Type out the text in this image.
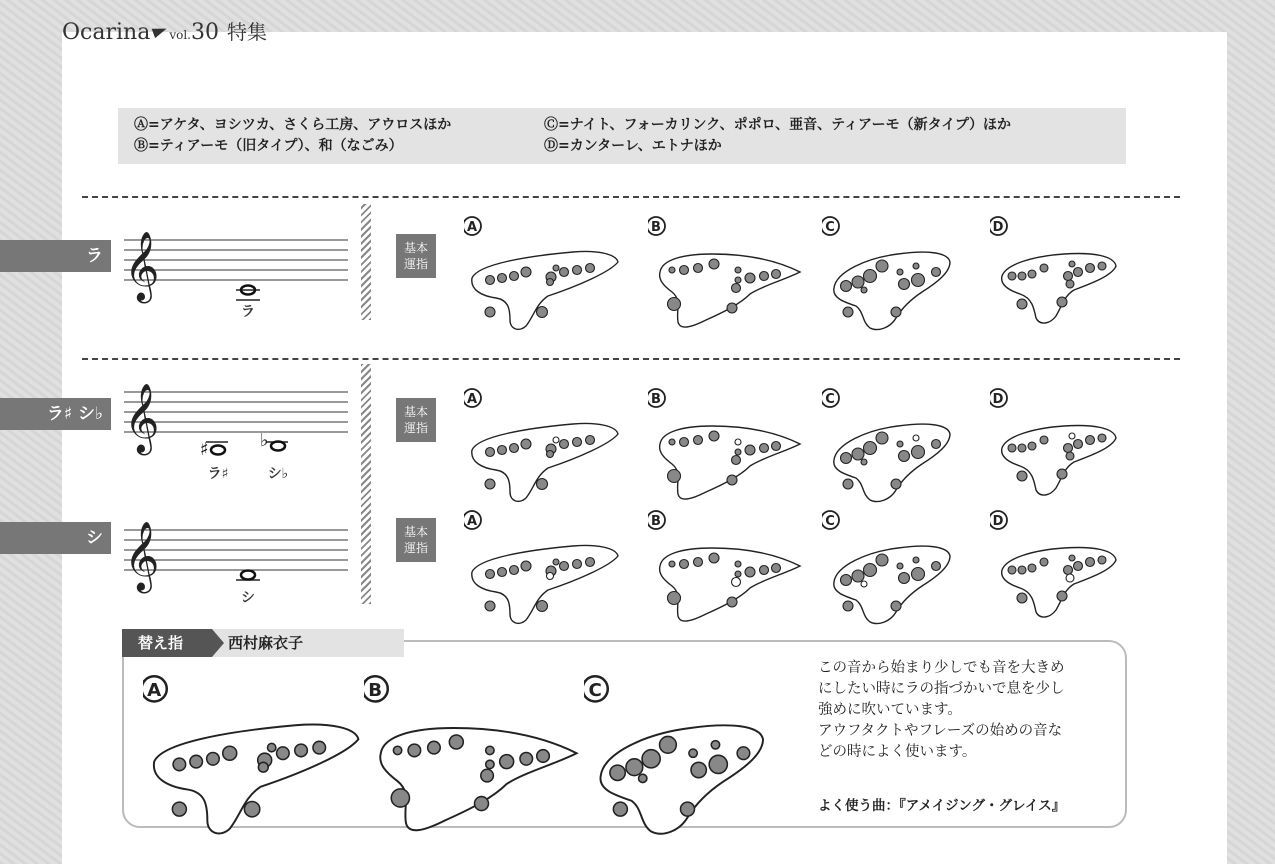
Ocarina vol.30 特集
Ⓐ=アケタ、ヨシツカ、さくら工房、アウロスほか
Ⓑ=ティアーモ（旧タイプ）、和（なごみ）
Ⓒ=ナイト、フォーカリンク、ポポロ、亜音、ティアーモ（新タイプ）ほか
Ⓓ=カンターレ、エトナほか
ラ 𝄞
ラ
基本
運指
ラ♯ シ♭ 𝄞 ♯	♭
ラ♯	シ♭
基本
運指
シ 𝄞
シ
基本
運指
A	B	C	D
A	B	C	D
A	B	C	D
替え指	西村麻衣子
A	B	C

この音から始まり少しでも音を大きめ

にしたい時にラの指づかいで息を少し

強めに吹いています。

アウフタクトやフレーズの始めの音な

どの時によく使います。

よく使う曲：『アメイジング・グレイス』
